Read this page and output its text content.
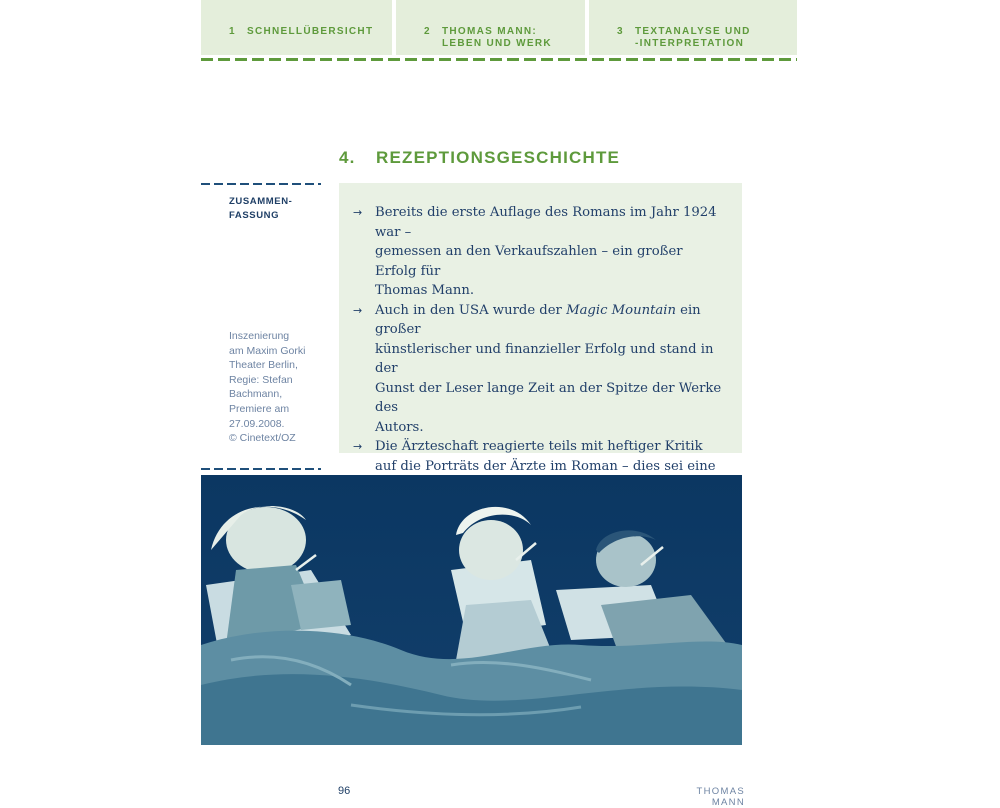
1 SCHNELLÜBERSICHT	2 THOMAS MANN:
LEBEN UND WERK
3 TEXTANALYSE UND
-INTERPRETATION
4. REZEPTIONSGESCHICHTE
ZUSAMMEN-
FASSUNG
Inszenierung
am Maxim Gorki
Theater Berlin,
Regie: Stefan
Bachmann,
Premiere am
27.09.2008.
© Cinetext/OZ
→ Bereits die erste Auflage des Romans im Jahr 1924 war –
gemessen an den Verkaufszahlen – ein großer Erfolg für
Thomas Mann.
→ Auch in den USA wurde der Magic Mountain ein großer
künstlerischer und finanzieller Erfolg und stand in der
Gunst der Leser lange Zeit an der Spitze der Werke des
Autors.
→ Die Ärzteschaft reagierte teils mit heftiger Kritik
auf die Porträts der Ärzte im Roman – dies sei eine

96	THOMAS MANN
